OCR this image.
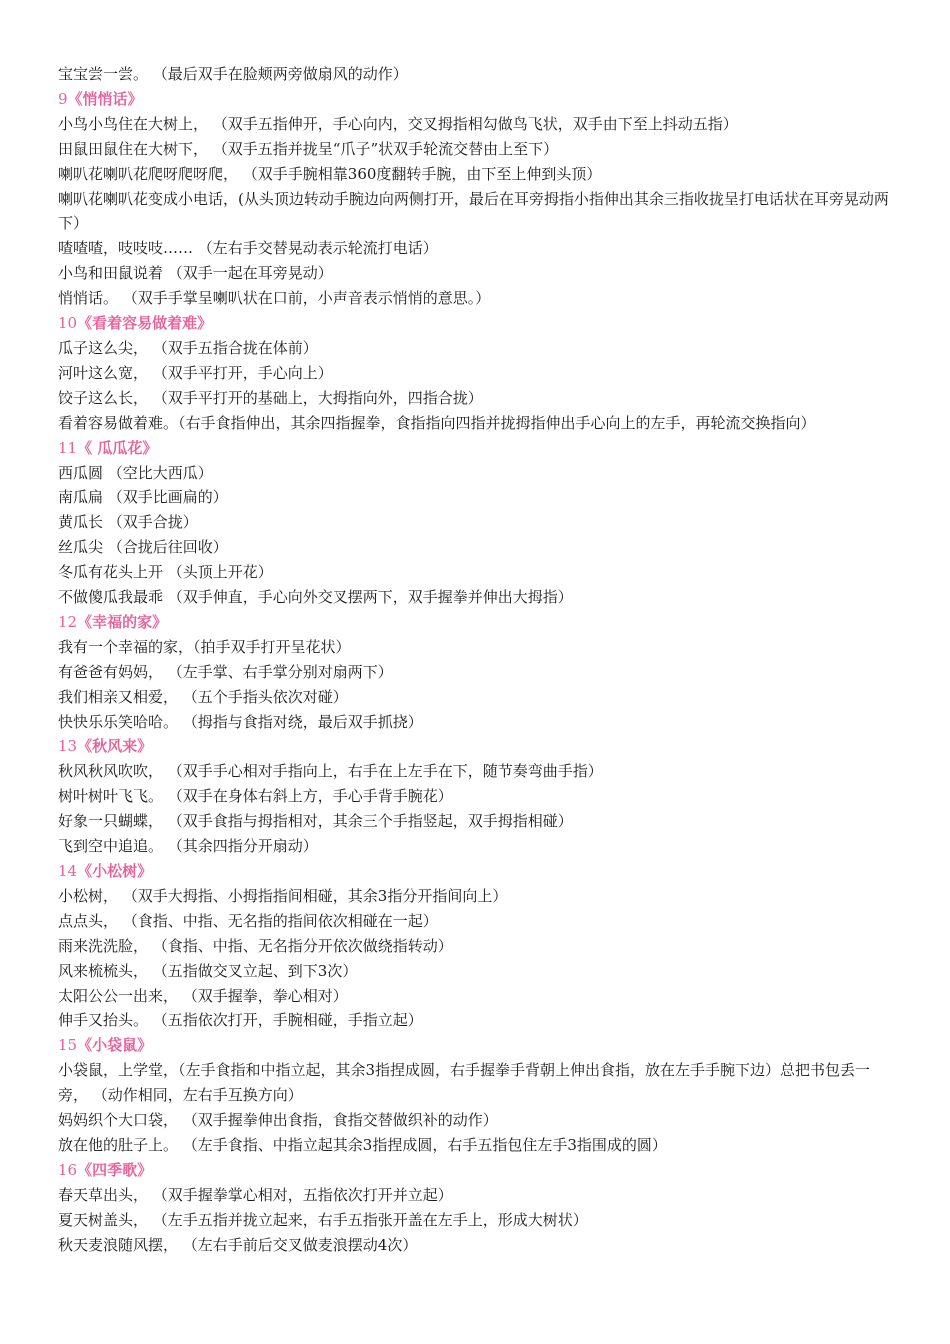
宝宝尝一尝。 （最后双手在脸颊两旁做扇风的动作）

9《悄悄话》

小鸟小鸟住在大树上， （双手五指伸开，手心向内，交叉拇指相勾做鸟飞状，双手由下至上抖动五指）

田鼠田鼠住在大树下， （双手五指并拢呈“爪子”状双手轮流交替由上至下）

喇叭花喇叭花爬呀爬呀爬， （双手手腕相靠360度翻转手腕，由下至上伸到头顶）

喇叭花喇叭花变成小电话，(从头顶边转动手腕边向两侧打开，最后在耳旁拇指小指伸出其余三指收拢呈打电话状在耳旁晃动两下）

喳喳喳，吱吱吱…… （左右手交替晃动表示轮流打电话）

小鸟和田鼠说着 （双手一起在耳旁晃动）

悄悄话。 （双手手掌呈喇叭状在口前，小声音表示悄悄的意思。）

10《看着容易做着难》

瓜子这么尖， （双手五指合拢在体前）

河叶这么宽， （双手平打开，手心向上）

饺子这么长， （双手平打开的基础上，大拇指向外，四指合拢）

看着容易做着难。（右手食指伸出，其余四指握拳，食指指向四指并拢拇指伸出手心向上的左手，再轮流交换指向）

11《 瓜瓜花》

西瓜圆 （空比大西瓜）

南瓜扁 （双手比画扁的）

黄瓜长 （双手合拢）

丝瓜尖 （合拢后往回收）

冬瓜有花头上开 （头顶上开花）

不做傻瓜我最乖 （双手伸直，手心向外交叉摆两下，双手握拳并伸出大拇指）

12《幸福的家》

我有一个幸福的家，（拍手双手打开呈花状）

有爸爸有妈妈， （左手掌、右手掌分别对扇两下）

我们相亲又相爱， （五个手指头依次对碰）

快快乐乐笑哈哈。 （拇指与食指对绕，最后双手抓挠）

13《秋风来》

秋风秋风吹吹， （双手手心相对手指向上，右手在上左手在下，随节奏弯曲手指）

树叶树叶飞飞。 （双手在身体右斜上方，手心手背手腕花）

好象一只蝴蝶， （双手食指与拇指相对，其余三个手指竖起，双手拇指相碰）

飞到空中追追。 （其余四指分开扇动）

14《小松树》

小松树， （双手大拇指、小拇指指间相碰，其余3指分开指间向上）

点点头， （食指、中指、无名指的指间依次相碰在一起）

雨来洗洗脸， （食指、中指、无名指分开依次做绕指转动）

风来梳梳头， （五指做交叉立起、到下3次）

太阳公公一出来， （双手握拳，拳心相对）

伸手又抬头。 （五指依次打开，手腕相碰，手指立起）

15《小袋鼠》

小袋鼠，上学堂，（左手食指和中指立起，其余3指捏成圆，右手握拳手背朝上伸出食指，放在左手手腕下边）总把书包丢一旁， （动作相同，左右手互换方向）

妈妈织个大口袋， （双手握拳伸出食指，食指交替做织补的动作）

放在他的肚子上。 （左手食指、中指立起其余3指捏成圆，右手五指包住左手3指围成的圆）

16《四季歌》

春天草出头， （双手握拳掌心相对，五指依次打开并立起）

夏天树盖头， （左手五指并拢立起来，右手五指张开盖在左手上，形成大树状）

秋天麦浪随风摆， （左右手前后交叉做麦浪摆动4次）
